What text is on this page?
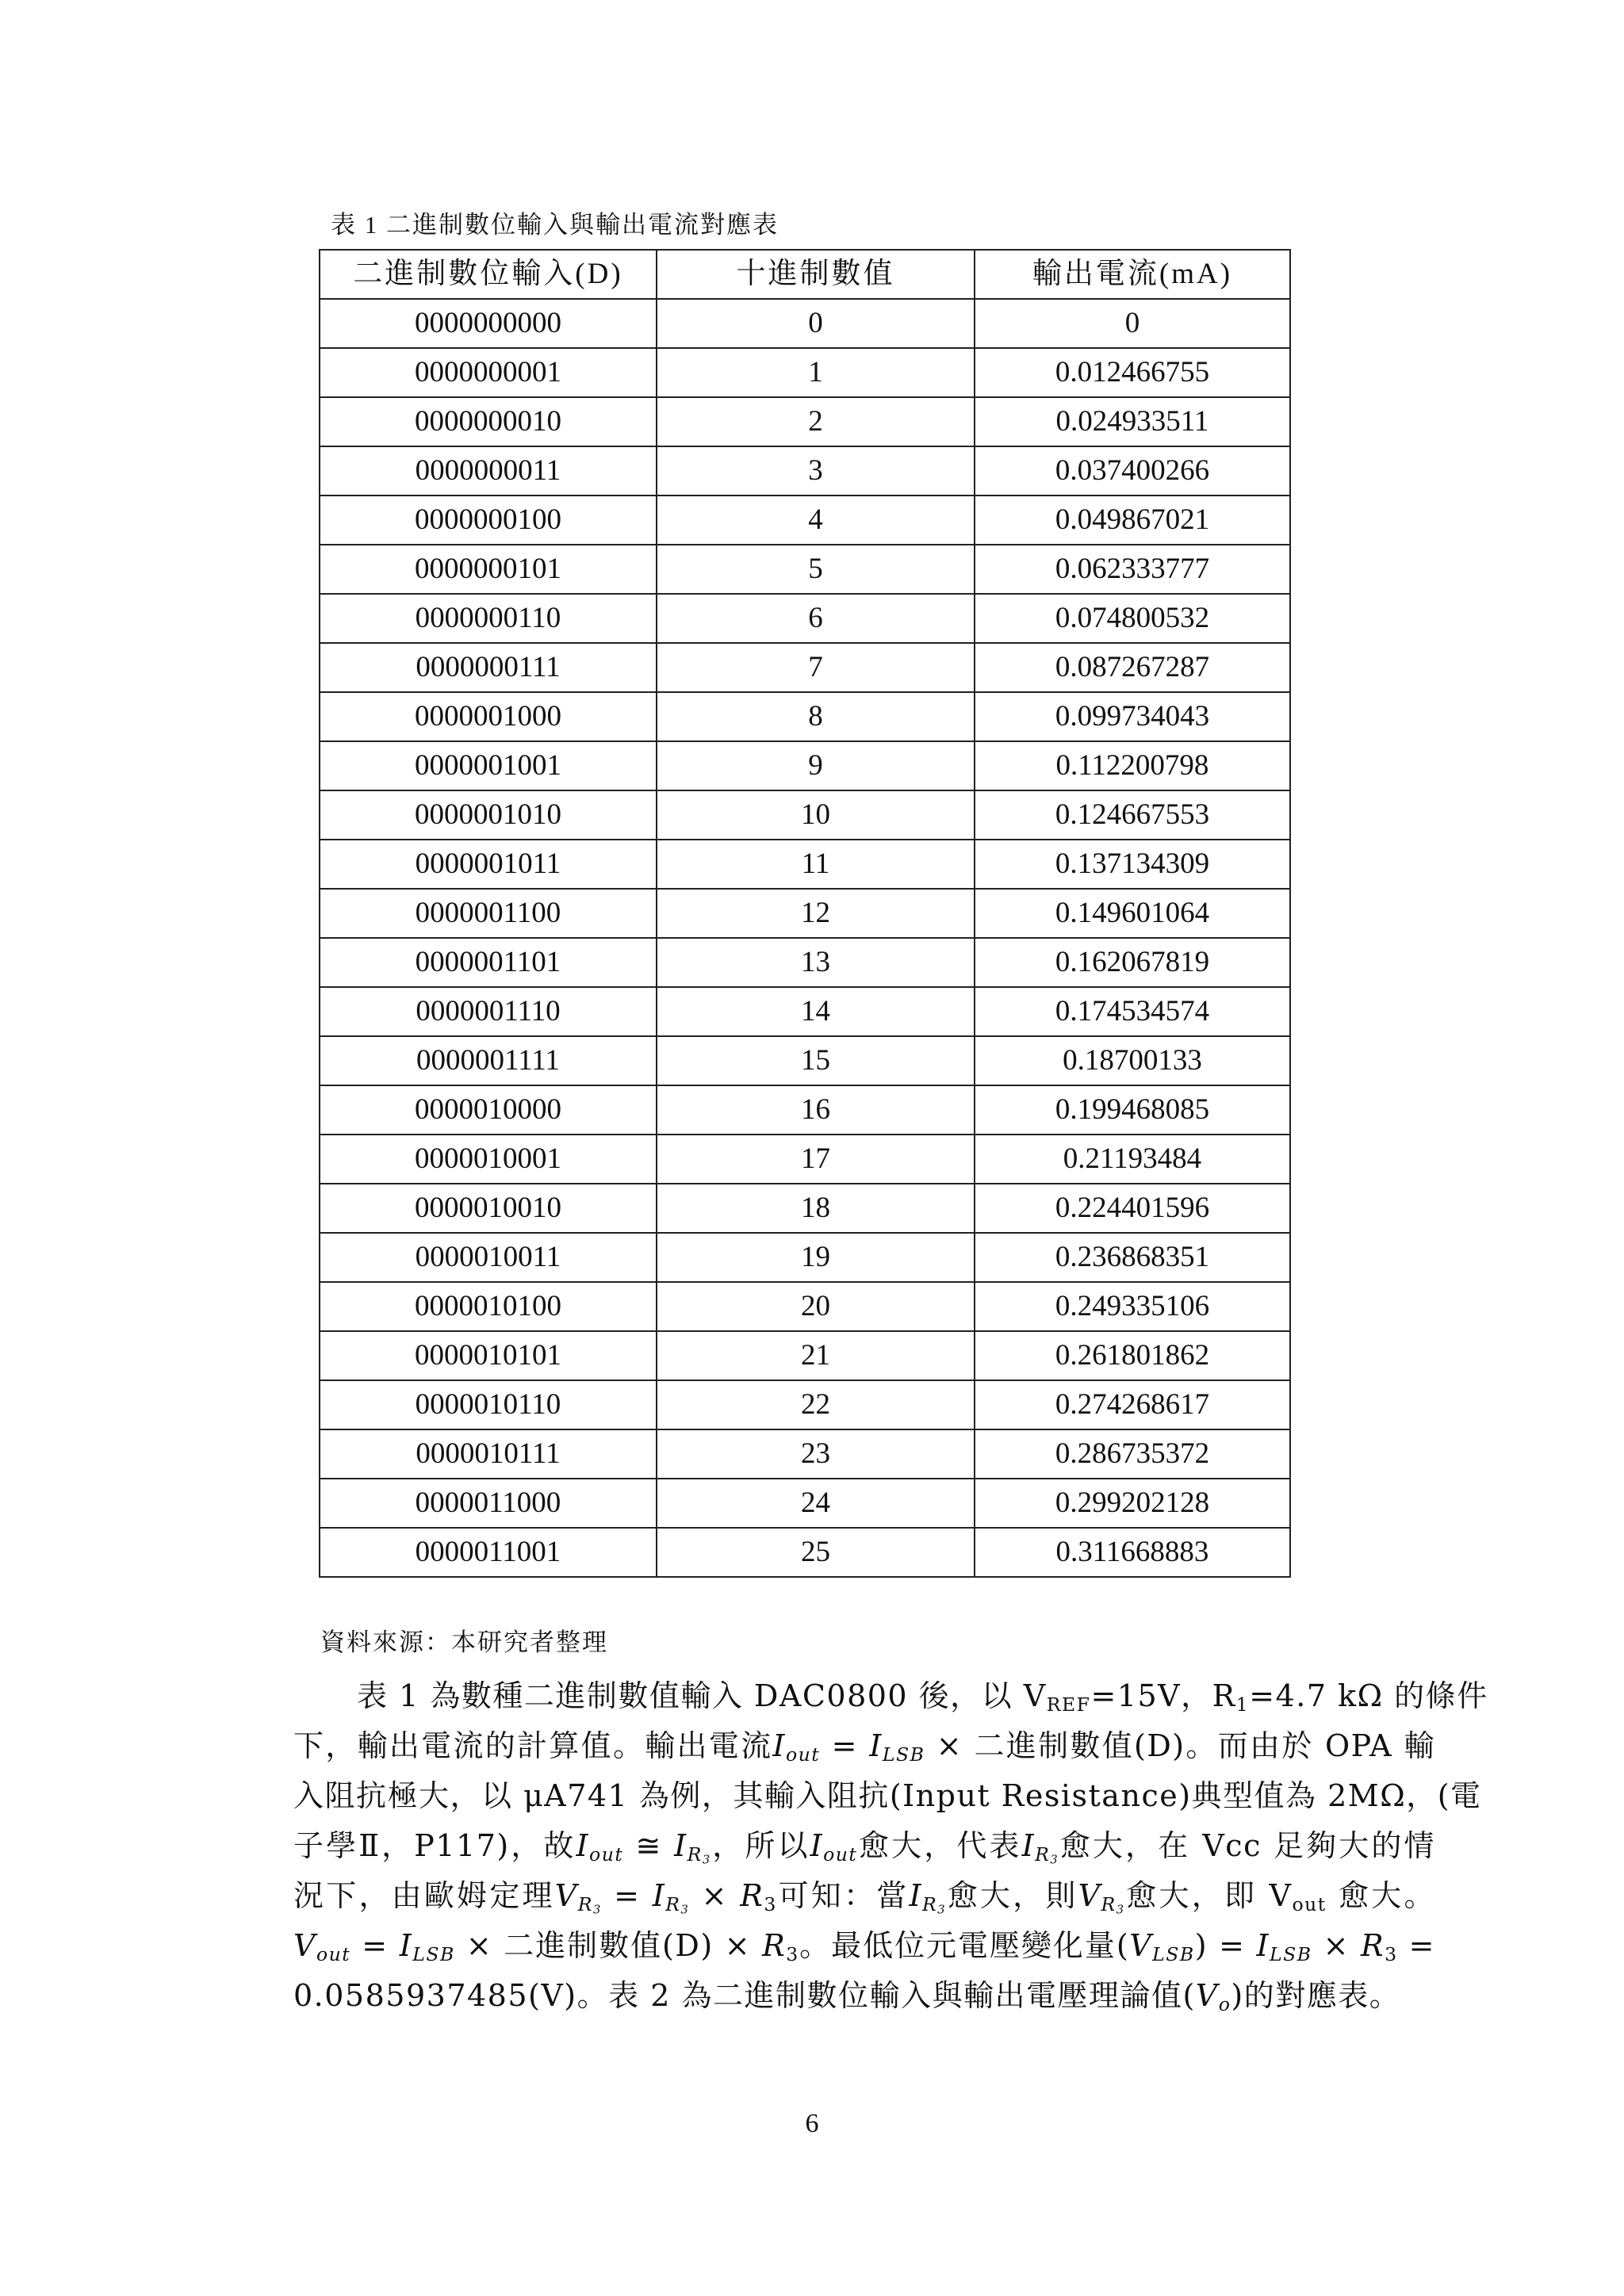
表 1 二進制數位輸入與輸出電流對應表
二進制數位輸入(D)	十進制數值	輸出電流(mA)
0000000000	0	0
0000000001	1	0.012466755
0000000010	2	0.024933511
0000000011	3	0.037400266
0000000100	4	0.049867021
0000000101	5	0.062333777
0000000110	6	0.074800532
0000000111	7	0.087267287
0000001000	8	0.099734043
0000001001	9	0.112200798
0000001010	10	0.124667553
0000001011	11	0.137134309
0000001100	12	0.149601064
0000001101	13	0.162067819
0000001110	14	0.174534574
0000001111	15	0.18700133
0000010000	16	0.199468085
0000010001	17	0.21193484
0000010010	18	0.224401596
0000010011	19	0.236868351
0000010100	20	0.249335106
0000010101	21	0.261801862
0000010110	22	0.274268617
0000010111	23	0.286735372
0000011000	24	0.299202128
0000011001	25	0.311668883
資料來源：本研究者整理
表 1 為數種二進制數值輸入 DAC0800 後，以 $V_{REF}=15V$，$R_1=4.7$ kΩ 的條件
下，輸出電流的計算值。輸出電流$I_{out} = I_{LSB}$ × 二進制數值(D)。而由於 OPA 輸
入阻抗極大，以 μA741 為例，其輸入阻抗(Input Resistance)典型值為 2MΩ，(電
子學Ⅱ，P117)，故$I_{out}$ ≅ $I_{R_3}$，所以$I_{out}$愈大，代表$I_{R_3}$愈大，在 Vcc 足夠大的情
況下，由歐姆定理$V_{R_3} = I_{R_3} \times R_3$可知：當$I_{R_3}$愈大，則$V_{R_3}$愈大，即 $V_{out}$ 愈大。
$V_{out} = I_{LSB}$ × 二進制數值$(D) \times R_3$。最低位元電壓變化量$(V_{LSB}) = I_{LSB} \times R_3$ =
0.0585937485(V)。表 2 為二進制數位輸入與輸出電壓理論值$(V_o)$的對應表。
6
